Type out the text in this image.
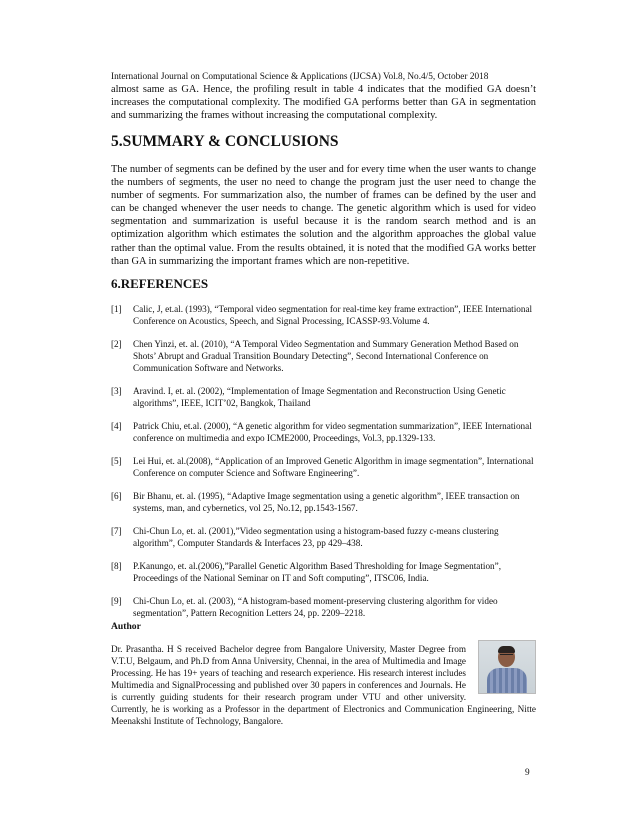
International Journal on Computational Science & Applications (IJCSA) Vol.8, No.4/5, October 2018

almost same as GA. Hence, the profiling result in table 4 indicates that the modified GA doesn’t increases the computational complexity. The modified GA performs better than GA in segmentation and summarizing the frames without increasing the computational complexity.

5.SUMMARY & CONCLUSIONS

The number of segments can be defined by the user and for every time when the user wants to change the numbers of segments, the user no need to change the program just the user need to change the number of segments. For summarization also, the number of frames can be defined by the user and can be changed whenever the user needs to change. The genetic algorithm which is used for video segmentation and summarization is useful because it is the random search method and is an optimization algorithm which estimates the solution and the algorithm approaches the global value rather than the optimal value. From the results obtained, it is noted that the modified GA works better than GA in summarizing the important frames which are non-repetitive.

6.REFERENCES
[1] Calic, J, et.al. (1993), “Temporal video segmentation for real-time key frame extraction”, IEEE International Conference on Acoustics, Speech, and Signal Processing, ICASSP-93.Volume 4.
[2] Chen Yinzi, et. al. (2010), “A Temporal Video Segmentation and Summary Generation Method Based on Shots’ Abrupt and Gradual Transition Boundary Detecting”, Second International Conference on Communication Software and Networks.
[3] Aravind. I, et. al. (2002), “Implementation of Image Segmentation and Reconstruction Using Genetic algorithms”, IEEE, ICIT’02, Bangkok, Thailand
[4] Patrick Chiu, et.al. (2000), “A genetic algorithm for video segmentation summarization”, IEEE International conference on multimedia and expo ICME2000, Proceedings, Vol.3, pp.1329-133.
[5] Lei Hui, et. al.(2008), “Application of an Improved Genetic Algorithm in image segmentation”, International Conference on computer Science and Software Engineering”.
[6] Bir Bhanu, et. al. (1995), “Adaptive Image segmentation using a genetic algorithm”, IEEE transaction on systems, man, and cybernetics, vol 25, No.12, pp.1543-1567.
[7] Chi-Chun Lo, et. al. (2001),”Video segmentation using a histogram-based fuzzy c-means clustering algorithm”, Computer Standards & Interfaces 23, pp 429–438.
[8] P.Kanungo, et. al.(2006),”Parallel Genetic Algorithm Based Thresholding for Image Segmentation”, Proceedings of the National Seminar on IT and Soft computing”, ITSC06, India.
[9] Chi-Chun Lo, et. al. (2003), “A histogram-based moment-preserving clustering algorithm for video segmentation”, Pattern Recognition Letters 24, pp. 2209–2218.
Author
Dr. Prasantha. H S received Bachelor degree from Bangalore University, Master Degree from V.T.U, Belgaum, and Ph.D from Anna University, Chennai, in the area of Multimedia and Image Processing. He has 19+ years of teaching and research experience. His research interest includes Multimedia and SignalProcessing and published over 30 papers in conferences and Journals. He is currently guiding students for their research program under VTU and other university. Currently, he is working as a Professor in the department of Electronics and Communication Engineering, Nitte Meenakshi Institute of Technology, Bangalore.
9
